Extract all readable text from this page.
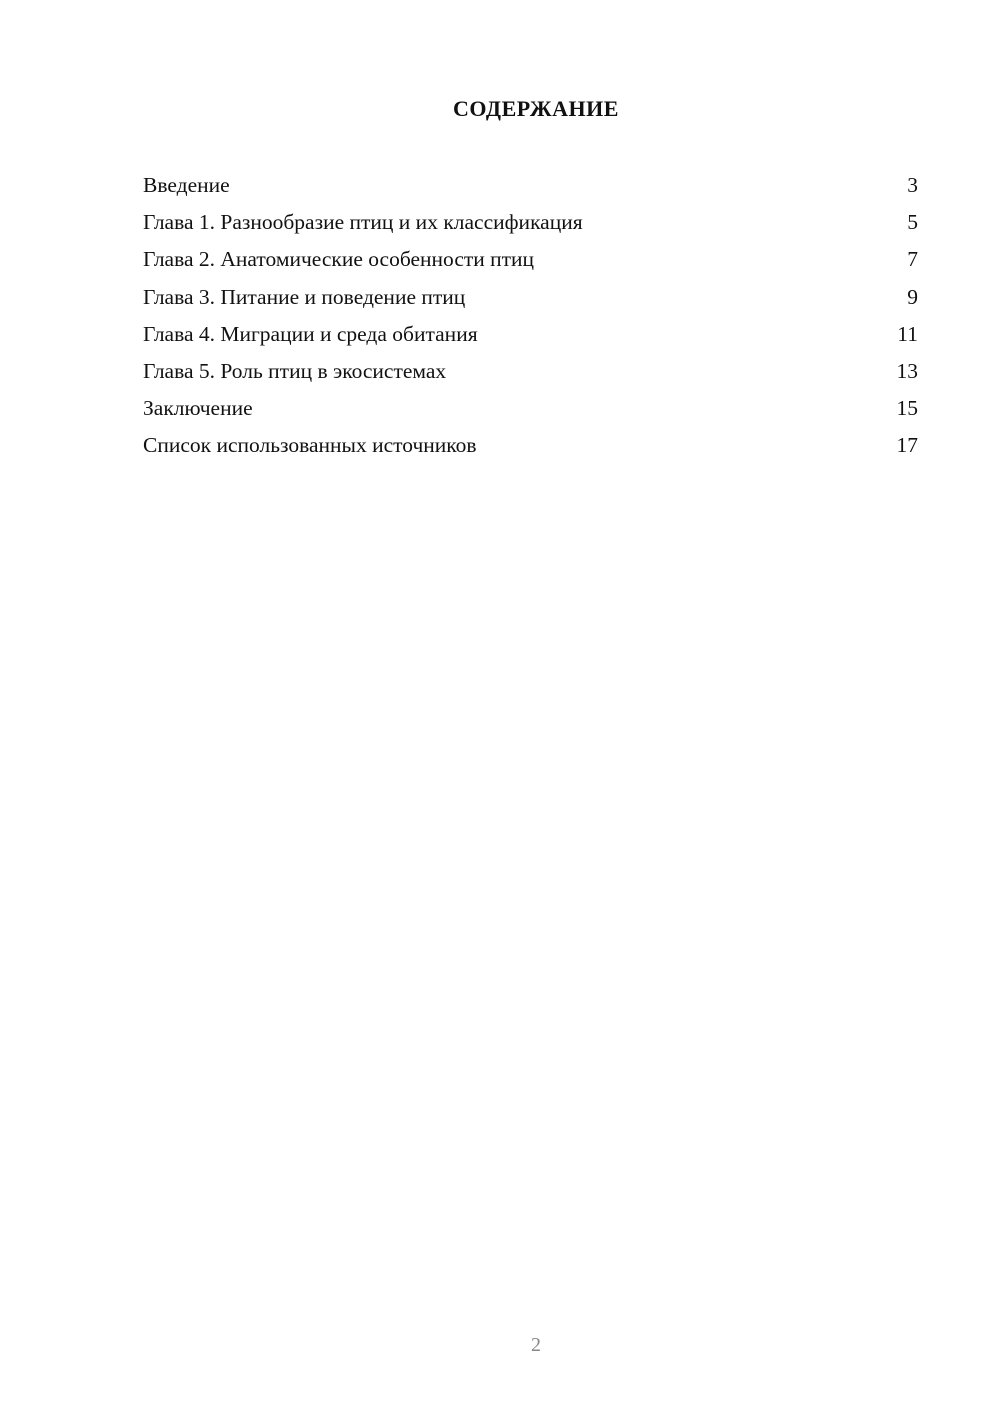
СОДЕРЖАНИЕ
Введение	3
Глава 1. Разнообразие птиц и их классификация	5
Глава 2. Анатомические особенности птиц	7
Глава 3. Питание и поведение птиц	9
Глава 4. Миграции и среда обитания	11
Глава 5. Роль птиц в экосистемах	13
Заключение	15
Список использованных источников	17
2
